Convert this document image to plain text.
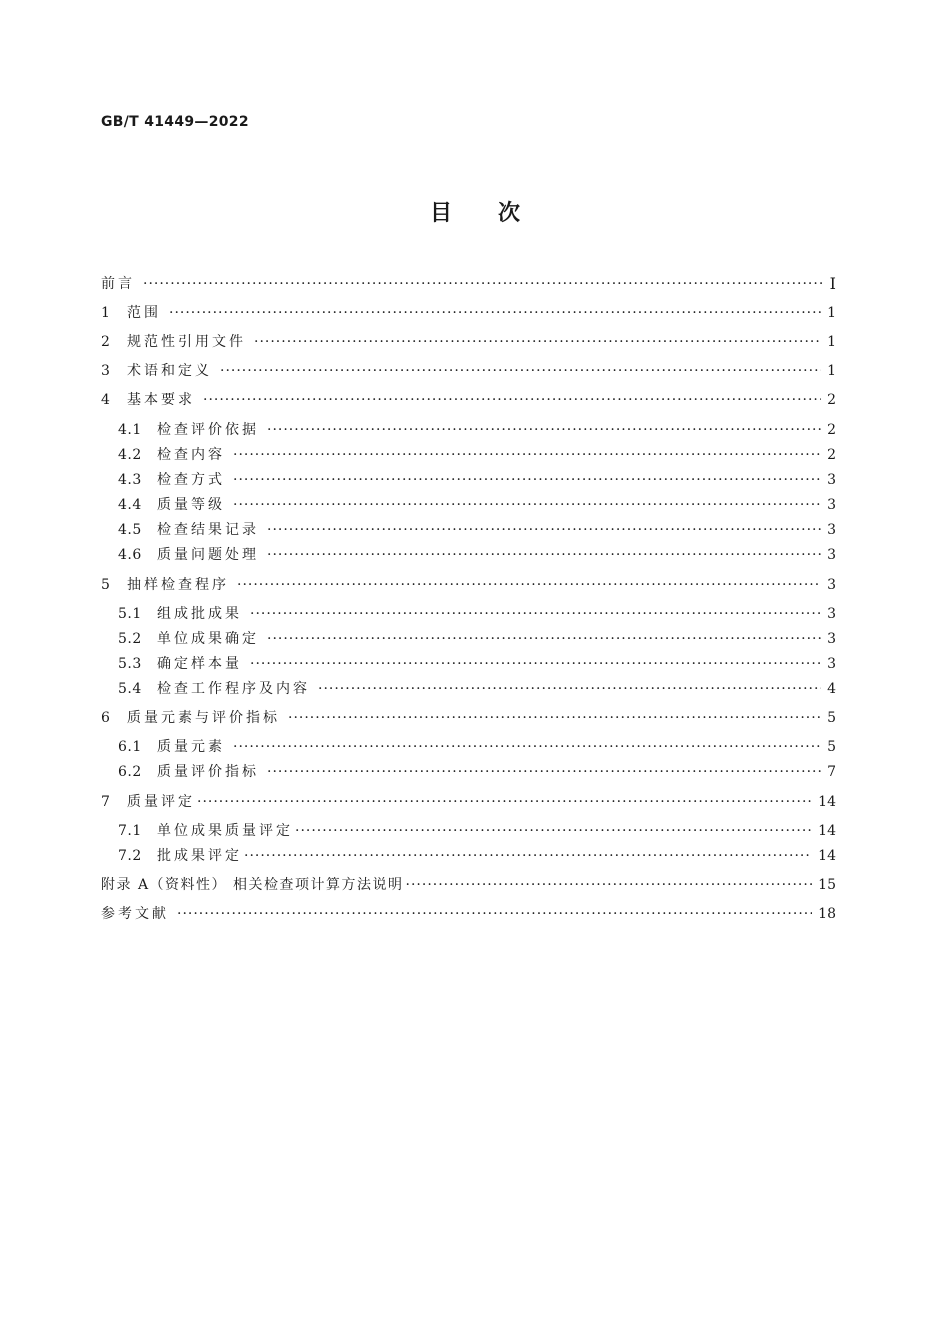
GB/T 41449—2022
目 次
前言 ·····	Ⅰ
1	范围 ·····	1
2	规范性引用文件 ·····	1
3	术语和定义 ·····	1
4	基本要求 ·····	2
4.1	检查评价依据 ·····	2
4.2	检查内容 ·····	2
4.3	检查方式 ·····	3
4.4	质量等级 ·····	3
4.5	检查结果记录 ·····	3
4.6	质量问题处理 ·····	3
5	抽样检查程序 ·····	3
5.1	组成批成果 ·····	3
5.2	单位成果确定 ·····	3
5.3	确定样本量 ·····	3
5.4	检查工作程序及内容 ·····	4
6	质量元素与评价指标 ·····	5
6.1	质量元素 ·····	5
6.2	质量评价指标 ·····	7
7	质量评定 ·····	14
7.1	单位成果质量评定 ·····	14
7.2	批成果评定 ·····	14
附录 A（资料性） 相关检查项计算方法说明 ·····	15
参考文献 ·····	18
